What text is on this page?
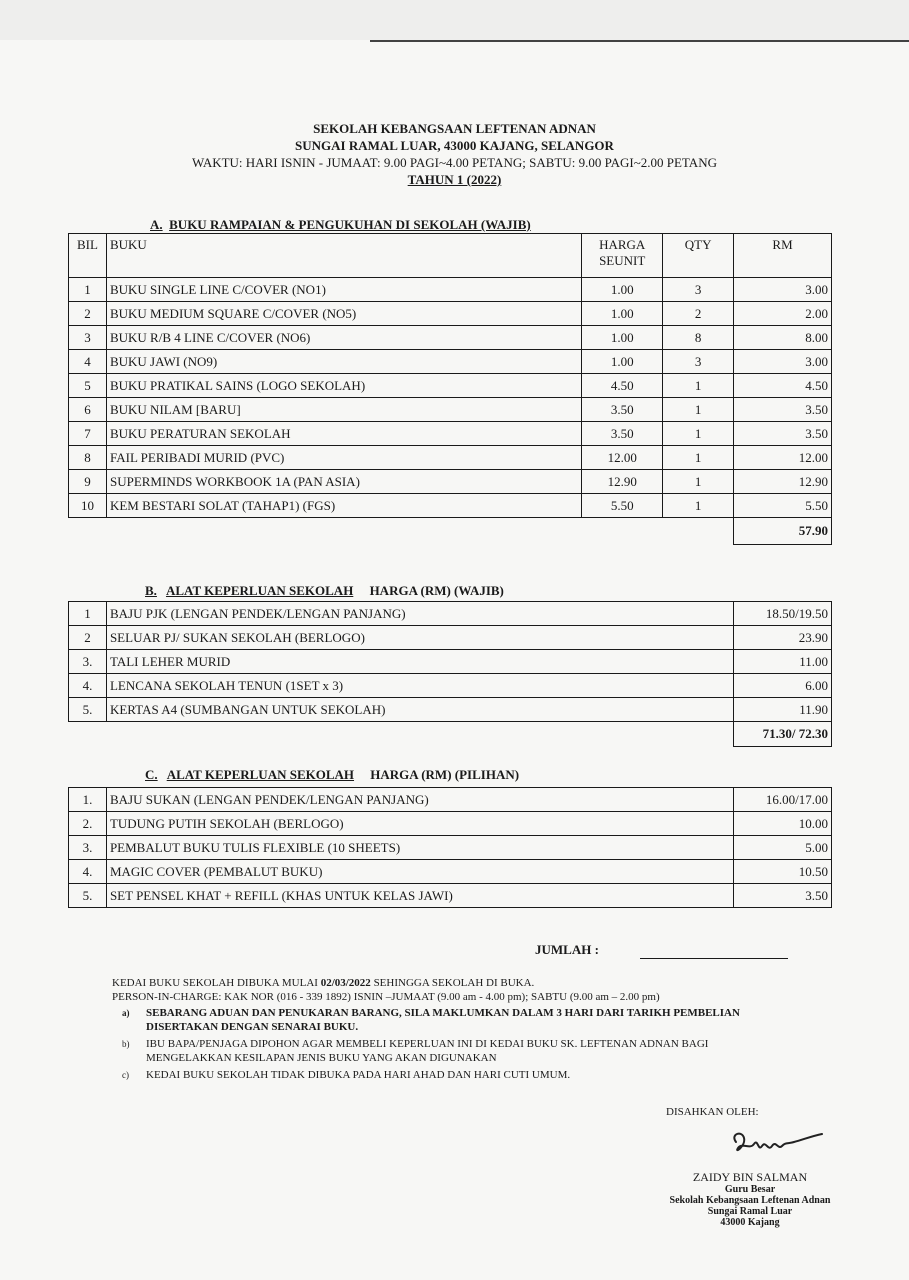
SEKOLAH KEBANGSAAN LEFTENAN ADNAN
SUNGAI RAMAL LUAR, 43000 KAJANG, SELANGOR
WAKTU: HARI ISNIN - JUMAAT: 9.00 PAGI~4.00 PETANG; SABTU: 9.00 PAGI~2.00 PETANG
TAHUN 1 (2022)
A. BUKU RAMPAIAN & PENGUKUHAN DI SEKOLAH (WAJIB)
BIL	BUKU	HARGA SEUNIT	QTY	RM
1	BUKU SINGLE LINE C/COVER (NO1)	1.00	3	3.00
2	BUKU MEDIUM SQUARE C/COVER (NO5)	1.00	2	2.00
3	BUKU R/B 4 LINE C/COVER (NO6)	1.00	8	8.00
4	BUKU JAWI (NO9)	1.00	3	3.00
5	BUKU PRATIKAL SAINS (LOGO SEKOLAH)	4.50	1	4.50
6	BUKU NILAM [BARU]	3.50	1	3.50
7	BUKU PERATURAN SEKOLAH	3.50	1	3.50
8	FAIL PERIBADI MURID (PVC)	12.00	1	12.00
9	SUPERMINDS WORKBOOK 1A (PAN ASIA)	12.90	1	12.90
10	KEM BESTARI SOLAT (TAHAP1) (FGS)	5.50	1	5.50
				57.90
B. ALAT KEPERLUAN SEKOLAH HARGA (RM) (WAJIB)
1	BAJU PJK (LENGAN PENDEK/LENGAN PANJANG)	18.50/19.50
2	SELUAR PJ/ SUKAN SEKOLAH (BERLOGO)	23.90
3.	TALI LEHER MURID	11.00
4.	LENCANA SEKOLAH TENUN (1SET x 3)	6.00
5.	KERTAS A4 (SUMBANGAN UNTUK SEKOLAH)	11.90
		71.30/ 72.30
C. ALAT KEPERLUAN SEKOLAH HARGA (RM) (PILIHAN)
1.	BAJU SUKAN (LENGAN PENDEK/LENGAN PANJANG)	16.00/17.00
2.	TUDUNG PUTIH SEKOLAH (BERLOGO)	10.00
3.	PEMBALUT BUKU TULIS FLEXIBLE (10 SHEETS)	5.00
4.	MAGIC COVER (PEMBALUT BUKU)	10.50
5.	SET PENSEL KHAT + REFILL (KHAS UNTUK KELAS JAWI)	3.50
JUMLAH :
KEDAI BUKU SEKOLAH DIBUKA MULAI 02/03/2022 SEHINGGA SEKOLAH DI BUKA.
PERSON-IN-CHARGE: KAK NOR (016 - 339 1892) ISNIN –JUMAAT (9.00 am - 4.00 pm); SABTU (9.00 am – 2.00 pm)
a) SEBARANG ADUAN DAN PENUKARAN BARANG, SILA MAKLUMKAN DALAM 3 HARI DARI TARIKH PEMBELIAN DISERTAKAN DENGAN SENARAI BUKU.
b) IBU BAPA/PENJAGA DIPOHON AGAR MEMBELI KEPERLUAN INI DI KEDAI BUKU SK. LEFTENAN ADNAN BAGI MENGELAKKAN KESILAPAN JENIS BUKU YANG AKAN DIGUNAKAN
c) KEDAI BUKU SEKOLAH TIDAK DIBUKA PADA HARI AHAD DAN HARI CUTI UMUM.
DISAHKAN OLEH:
ZAIDY BIN SALMAN
Guru Besar
Sekolah Kebangsaan Leftenan Adnan
Sungai Ramal Luar
43000 Kajang
